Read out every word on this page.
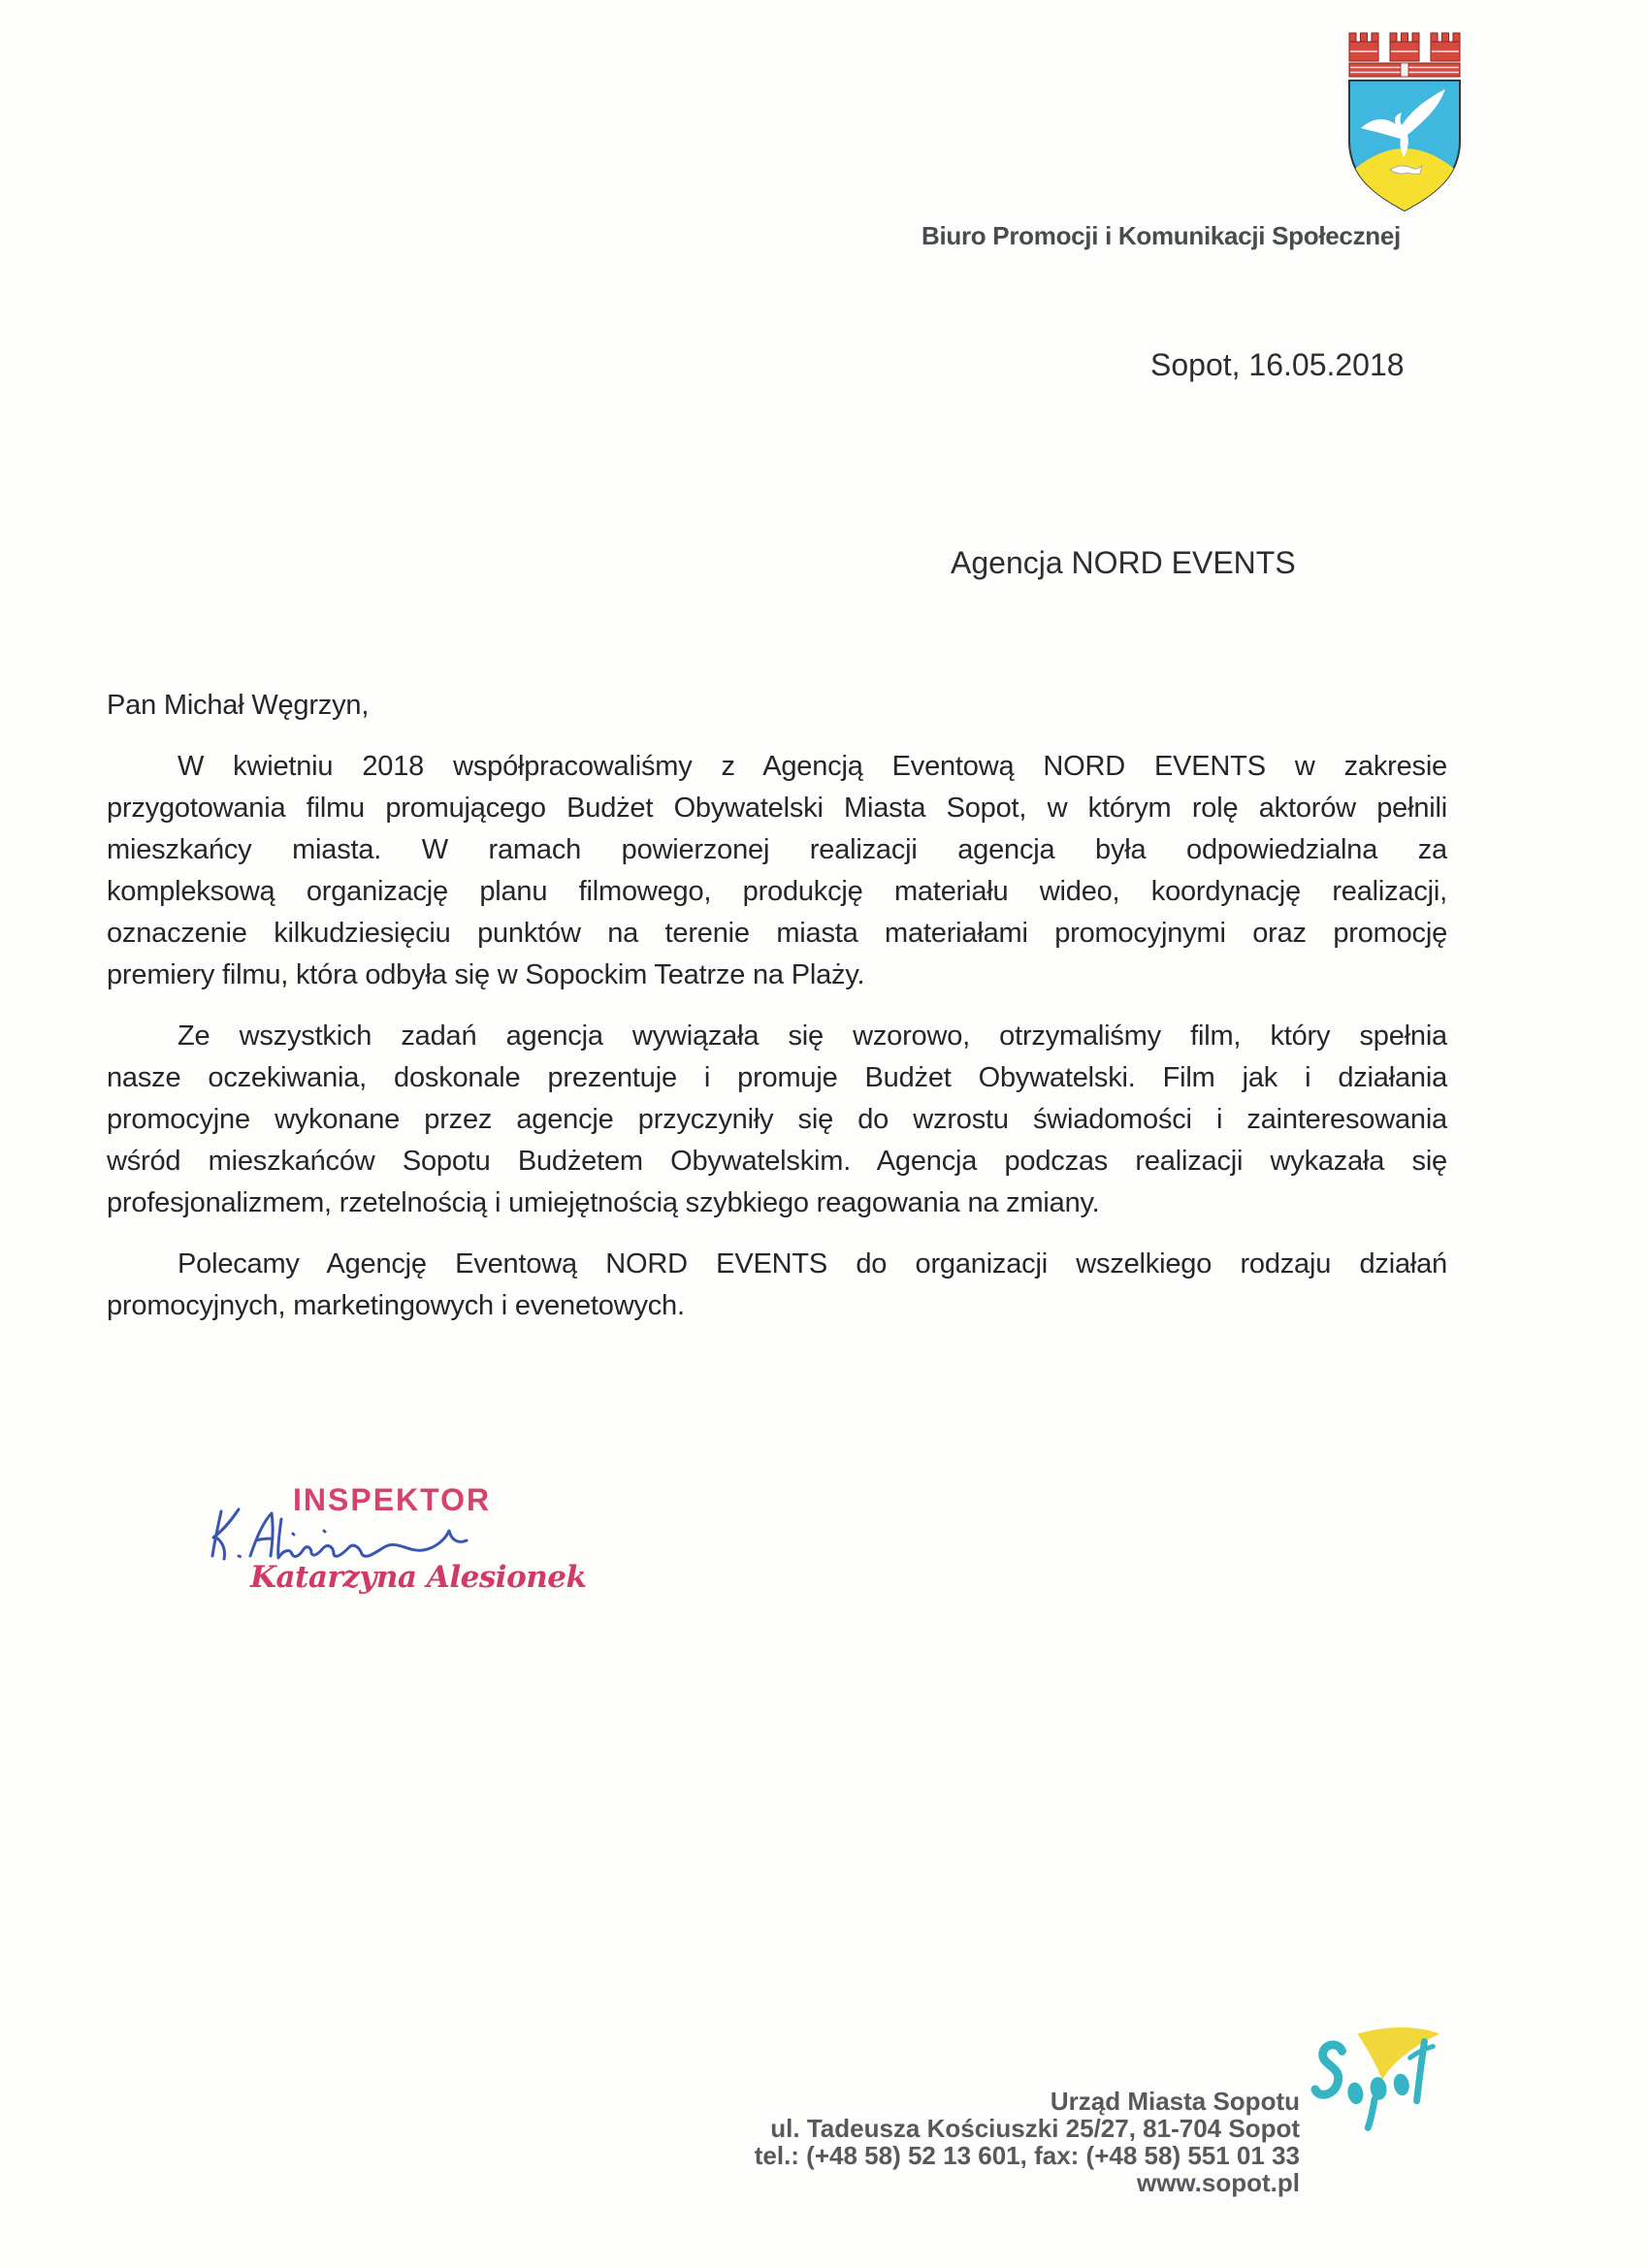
Biuro Promocji i Komunikacji Społecznej
Sopot, 16.05.2018
Agencja NORD EVENTS
Pan Michał Węgrzyn,
W kwietniu 2018 współpracowaliśmy z Agencją Eventową NORD EVENTS w zakresie
przygotowania filmu promującego Budżet Obywatelski Miasta Sopot, w którym rolę aktorów pełnili
mieszkańcy miasta. W ramach powierzonej realizacji agencja była odpowiedzialna za
kompleksową organizację planu filmowego, produkcję materiału wideo, koordynację realizacji,
oznaczenie kilkudziesięciu punktów na terenie miasta materiałami promocyjnymi oraz promocję
premiery filmu, która odbyła się w Sopockim Teatrze na Plaży.
Ze wszystkich zadań agencja wywiązała się wzorowo, otrzymaliśmy film, który spełnia
nasze oczekiwania, doskonale prezentuje i promuje Budżet Obywatelski. Film jak i działania
promocyjne wykonane przez agencje przyczyniły się do wzrostu świadomości i zainteresowania
wśród mieszkańców Sopotu Budżetem Obywatelskim. Agencja podczas realizacji wykazała się
profesjonalizmem, rzetelnością i umiejętnością szybkiego reagowania na zmiany.
Polecamy Agencję Eventową NORD EVENTS do organizacji wszelkiego rodzaju działań
promocyjnych, marketingowych i evenetowych.
INSPEKTOR
Katarzyna Alesionek
Urząd Miasta Sopotu
ul. Tadeusza Kościuszki 25/27, 81-704 Sopot
tel.: (+48 58) 52 13 601, fax: (+48 58) 551 01 33
www.sopot.pl
